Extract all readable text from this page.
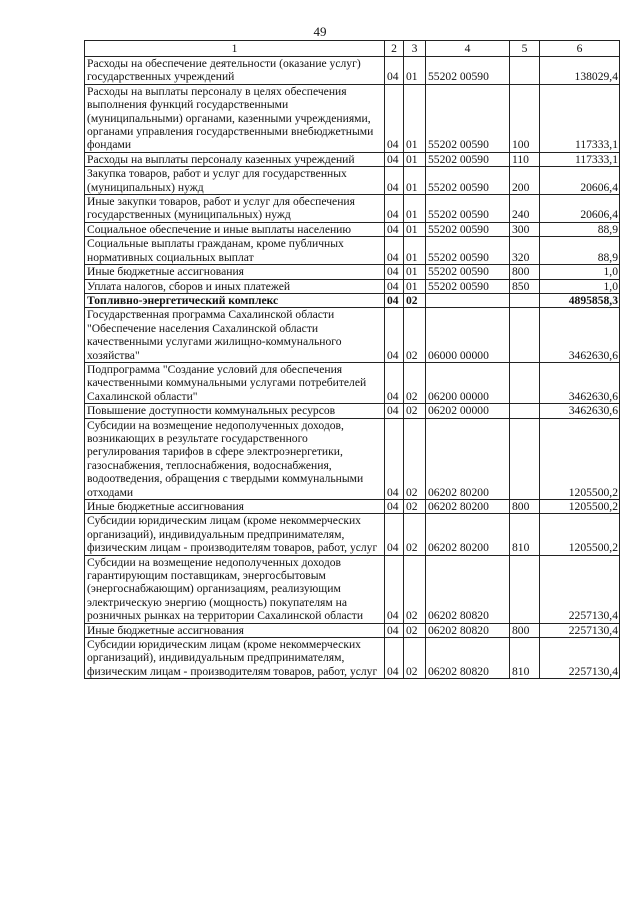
49
1	2	3	4	5	6
Расходы на обеспечение деятельности (оказание услуг) государственных учреждений	04	01	55202 00590		138029,4
Расходы на выплаты персоналу в целях обеспечения выполнения функций государственными (муниципальными) органами, казенными учреждениями, органами управления государственными внебюджетными фондами	04	01	55202 00590	100	117333,1
Расходы на выплаты персоналу казенных учреждений	04	01	55202 00590	110	117333,1
Закупка товаров, работ и услуг для государственных (муниципальных) нужд	04	01	55202 00590	200	20606,4
Иные закупки товаров, работ и услуг для обеспечения государственных (муниципальных) нужд	04	01	55202 00590	240	20606,4
Социальное обеспечение и иные выплаты населению	04	01	55202 00590	300	88,9
Социальные выплаты гражданам, кроме публичных нормативных социальных выплат	04	01	55202 00590	320	88,9
Иные бюджетные ассигнования	04	01	55202 00590	800	1,0
Уплата налогов, сборов и иных платежей	04	01	55202 00590	850	1,0
Топливно-энергетический комплекс	04	02			4895858,3
Государственная программа Сахалинской области "Обеспечение населения Сахалинской области качественными услугами жилищно-коммунального хозяйства"	04	02	06000 00000		3462630,6
Подпрограмма "Создание условий для обеспечения качественными коммунальными услугами потребителей Сахалинской области"	04	02	06200 00000		3462630,6
Повышение доступности коммунальных ресурсов	04	02	06202 00000		3462630,6
Субсидии на возмещение недополученных доходов, возникающих в результате государственного регулирования тарифов в сфере электроэнергетики, газоснабжения, теплоснабжения, водоснабжения, водоотведения, обращения с твердыми коммунальными отходами	04	02	06202 80200		1205500,2
Иные бюджетные ассигнования	04	02	06202 80200	800	1205500,2
Субсидии юридическим лицам (кроме некоммерческих организаций), индивидуальным предпринимателям, физическим лицам - производителям товаров, работ, услуг	04	02	06202 80200	810	1205500,2
Субсидии на возмещение недополученных доходов гарантирующим поставщикам, энергосбытовым (энергоснабжающим) организациям, реализующим электрическую энергию (мощность) покупателям на розничных рынках на территории Сахалинской области	04	02	06202 80820		2257130,4
Иные бюджетные ассигнования	04	02	06202 80820	800	2257130,4
Субсидии юридическим лицам (кроме некоммерческих организаций), индивидуальным предпринимателям, физическим лицам - производителям товаров, работ, услуг	04	02	06202 80820	810	2257130,4
